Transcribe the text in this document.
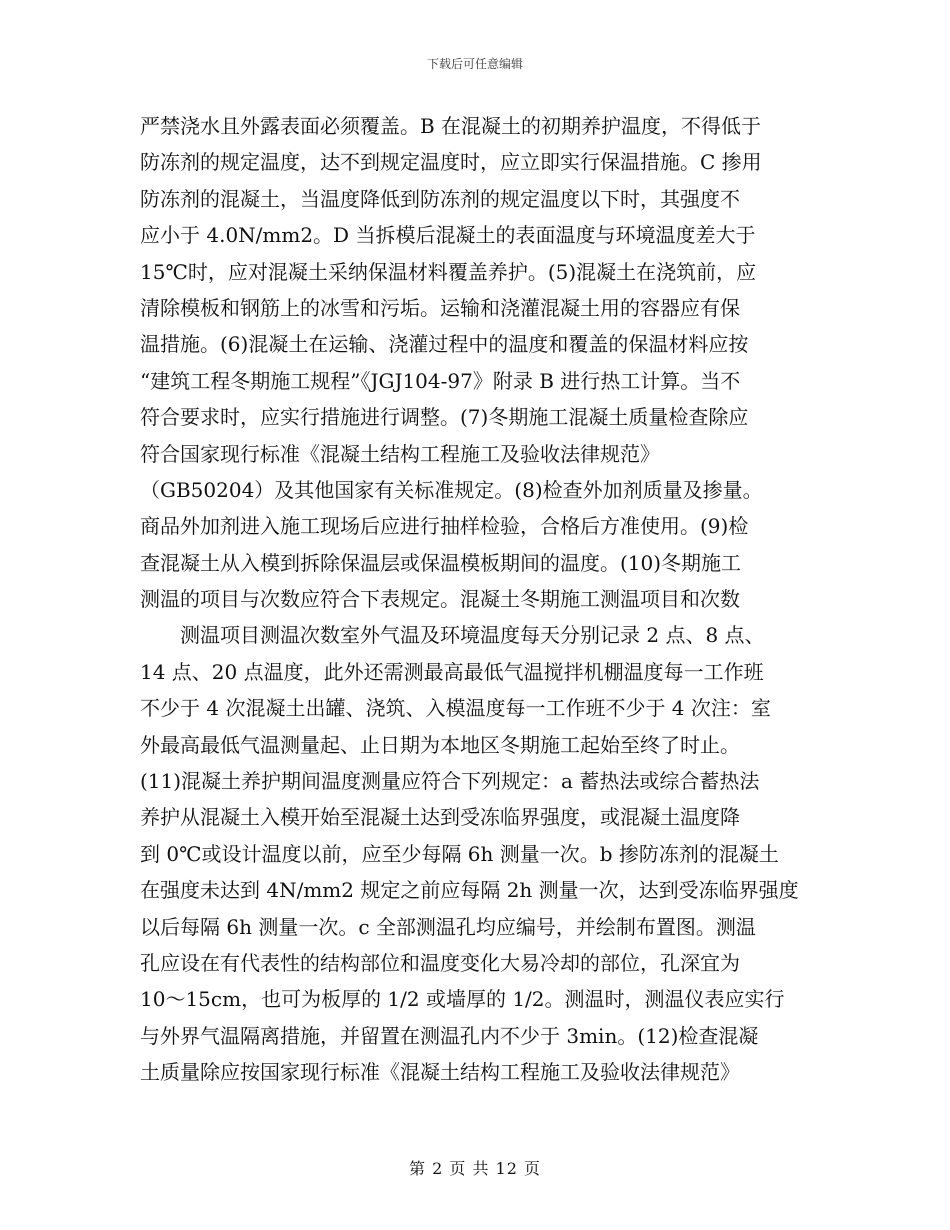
下载后可任意编辑
严禁浇水且外露表面必须覆盖。B 在混凝土的初期养护温度，不得低于
防冻剂的规定温度，达不到规定温度时，应立即实行保温措施。C 掺用
防冻剂的混凝土，当温度降低到防冻剂的规定温度以下时，其强度不
应小于 4.0N/mm2。D 当拆模后混凝土的表面温度与环境温度差大于
15℃时，应对混凝土采纳保温材料覆盖养护。(5)混凝土在浇筑前，应
清除模板和钢筋上的冰雪和污垢。运输和浇灌混凝土用的容器应有保
温措施。(6)混凝土在运输、浇灌过程中的温度和覆盖的保温材料应按
“建筑工程冬期施工规程”《JGJ104-97》附录 B 进行热工计算。当不
符合要求时，应实行措施进行调整。(7)冬期施工混凝土质量检查除应
符合国家现行标准《混凝土结构工程施工及验收法律规范》
（GB50204）及其他国家有关标准规定。(8)检查外加剂质量及掺量。
商品外加剂进入施工现场后应进行抽样检验，合格后方准使用。(9)检
查混凝土从入模到拆除保温层或保温模板期间的温度。(10)冬期施工
测温的项目与次数应符合下表规定。混凝土冬期施工测温项目和次数
　　测温项目测温次数室外气温及环境温度每天分别记录 2 点、8 点、
14 点、20 点温度，此外还需测最高最低气温搅拌机棚温度每一工作班
不少于 4 次混凝土出罐、浇筑、入模温度每一工作班不少于 4 次注：室
外最高最低气温测量起、止日期为本地区冬期施工起始至终了时止。
(11)混凝土养护期间温度测量应符合下列规定：a 蓄热法或综合蓄热法
养护从混凝土入模开始至混凝土达到受冻临界强度，或混凝土温度降
到 0℃或设计温度以前，应至少每隔 6h 测量一次。b 掺防冻剂的混凝土
在强度未达到 4N/mm2 规定之前应每隔 2h 测量一次，达到受冻临界强度
以后每隔 6h 测量一次。c 全部测温孔均应编号，并绘制布置图。测温
孔应设在有代表性的结构部位和温度变化大易冷却的部位，孔深宜为
10～15cm，也可为板厚的 1/2 或墙厚的 1/2。测温时，测温仪表应实行
与外界气温隔离措施，并留置在测温孔内不少于 3min。(12)检查混凝
土质量除应按国家现行标准《混凝土结构工程施工及验收法律规范》
第 2 页 共 12 页
